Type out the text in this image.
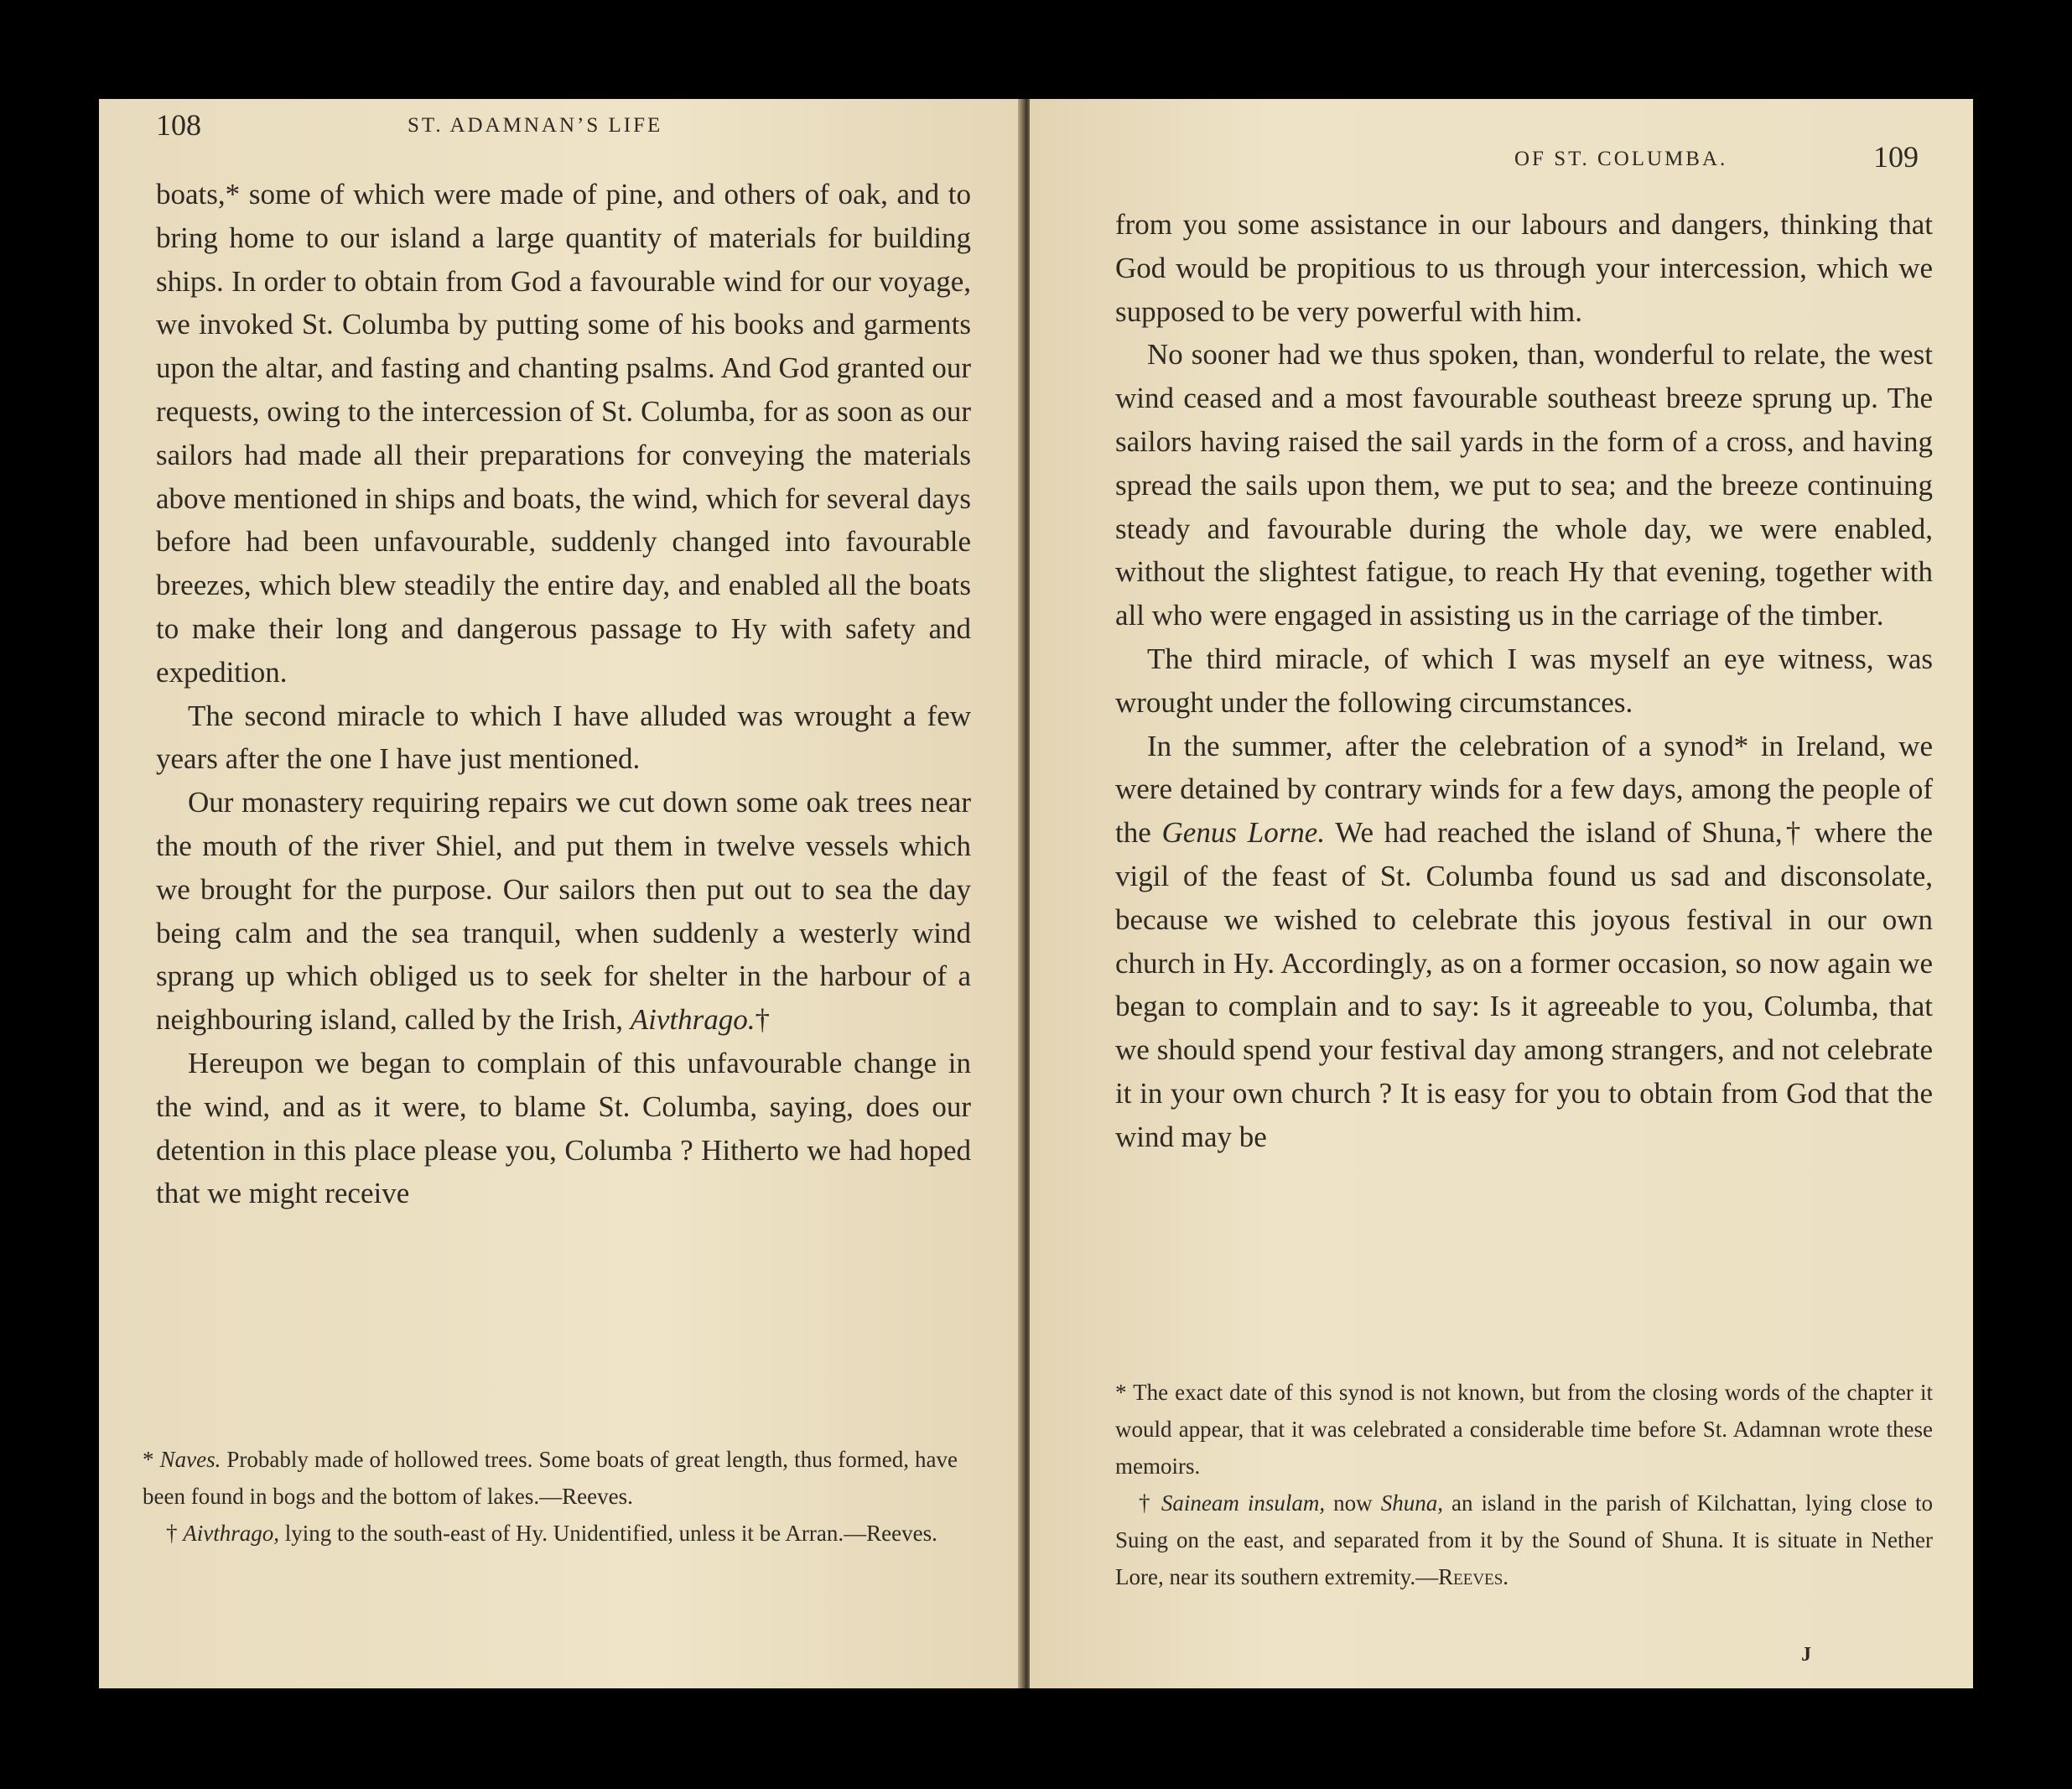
108	ST. ADAMNAN’S LIFE

boats,* some of which were made of pine, and others of oak, and to bring home to our island a large quantity of materials for building ships. In order to obtain from God a favourable wind for our voyage, we invoked St. Columba by putting some of his books and garments upon the altar, and fasting and chanting psalms. And God granted our requests, owing to the intercession of St. Columba, for as soon as our sailors had made all their preparations for conveying the materials above mentioned in ships and boats, the wind, which for several days before had been unfavourable, suddenly changed into favourable breezes, which blew steadily the entire day, and enabled all the boats to make their long and dangerous passage to Hy with safety and expedition.

The second miracle to which I have alluded was wrought a few years after the one I have just mentioned.

Our monastery requiring repairs we cut down some oak trees near the mouth of the river Shiel, and put them in twelve vessels which we brought for the purpose. Our sailors then put out to sea the day being calm and the sea tranquil, when suddenly a westerly wind sprang up which obliged us to seek for shelter in the harbour of a neighbouring island, called by the Irish, Aivthrago.†

Hereupon we began to complain of this unfavourable change in the wind, and as it were, to blame St. Columba, saying, does our detention in this place please you, Columba ? Hitherto we had hoped that we might receive

* Naves. Probably made of hollowed trees. Some boats of great length, thus formed, have been found in bogs and the bottom of lakes.—Reeves.

† Aivthrago, lying to the south-east of Hy. Unidentified, unless it be Arran.—Reeves.

OF ST. COLUMBA.	109

from you some assistance in our labours and dangers, thinking that God would be propitious to us through your intercession, which we supposed to be very powerful with him.

No sooner had we thus spoken, than, wonderful to relate, the west wind ceased and a most favourable southeast breeze sprung up. The sailors having raised the sail yards in the form of a cross, and having spread the sails upon them, we put to sea; and the breeze continuing steady and favourable during the whole day, we were enabled, without the slightest fatigue, to reach Hy that evening, together with all who were engaged in assisting us in the carriage of the timber.

The third miracle, of which I was myself an eye witness, was wrought under the following circumstances.

In the summer, after the celebration of a synod* in Ireland, we were detained by contrary winds for a few days, among the people of the Genus Lorne. We had reached the island of Shuna,† where the vigil of the feast of St. Columba found us sad and disconsolate, because we wished to celebrate this joyous festival in our own church in Hy. Accordingly, as on a former occasion, so now again we began to complain and to say: Is it agreeable to you, Columba, that we should spend your festival day among strangers, and not celebrate it in your own church ? It is easy for you to obtain from God that the wind may be

* The exact date of this synod is not known, but from the closing words of the chapter it would appear, that it was celebrated a considerable time before St. Adamnan wrote these memoirs.

† Saineam insulam, now Shuna, an island in the parish of Kilchattan, lying close to Suing on the east, and separated from it by the Sound of Shuna. It is situate in Nether Lore, near its southern extremity.—Reeves.

J
